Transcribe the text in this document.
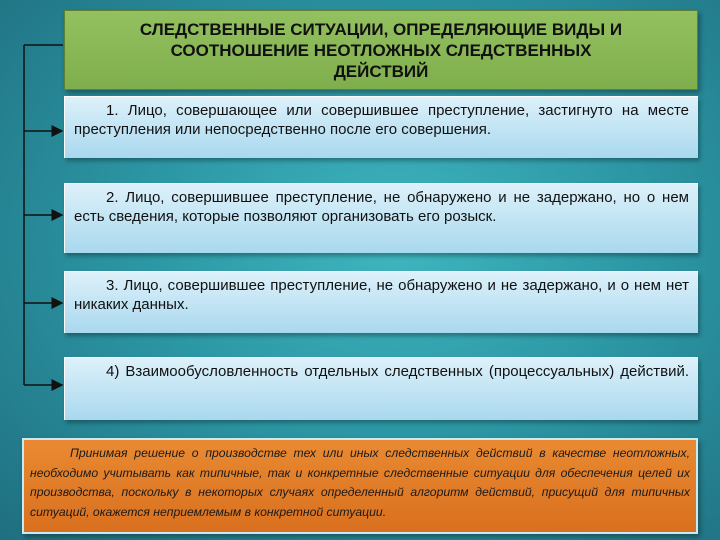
СЛЕДСТВЕННЫЕ СИТУАЦИИ, ОПРЕДЕЛЯЮЩИЕ ВИДЫ И
СООТНОШЕНИЕ НЕОТЛОЖНЫХ СЛЕДСТВЕННЫХ
ДЕЙСТВИЙ
1. Лицо, совершающее или совершившее преступление, застигнуто на месте преступления или непосредственно после его совершения.
2. Лицо, совершившее преступление, не обнаружено и не задержано, но о нем есть сведения, которые позволяют организовать его розыск.
3. Лицо, совершившее преступление, не обнаружено и не задержано, и о нем нет никаких данных.
4) Взаимообусловленность отдельных следственных (процессуальных) действий.
Принимая решение о производстве тех или иных следственных действий в качестве неотложных, необходимо учитывать как типичные, так и конкретные следственные ситуации для обеспечения целей их производства, поскольку в некоторых случаях определенный алгоритм действий, присущий для типичных ситуаций, окажется неприемлемым в конкретной ситуации.
